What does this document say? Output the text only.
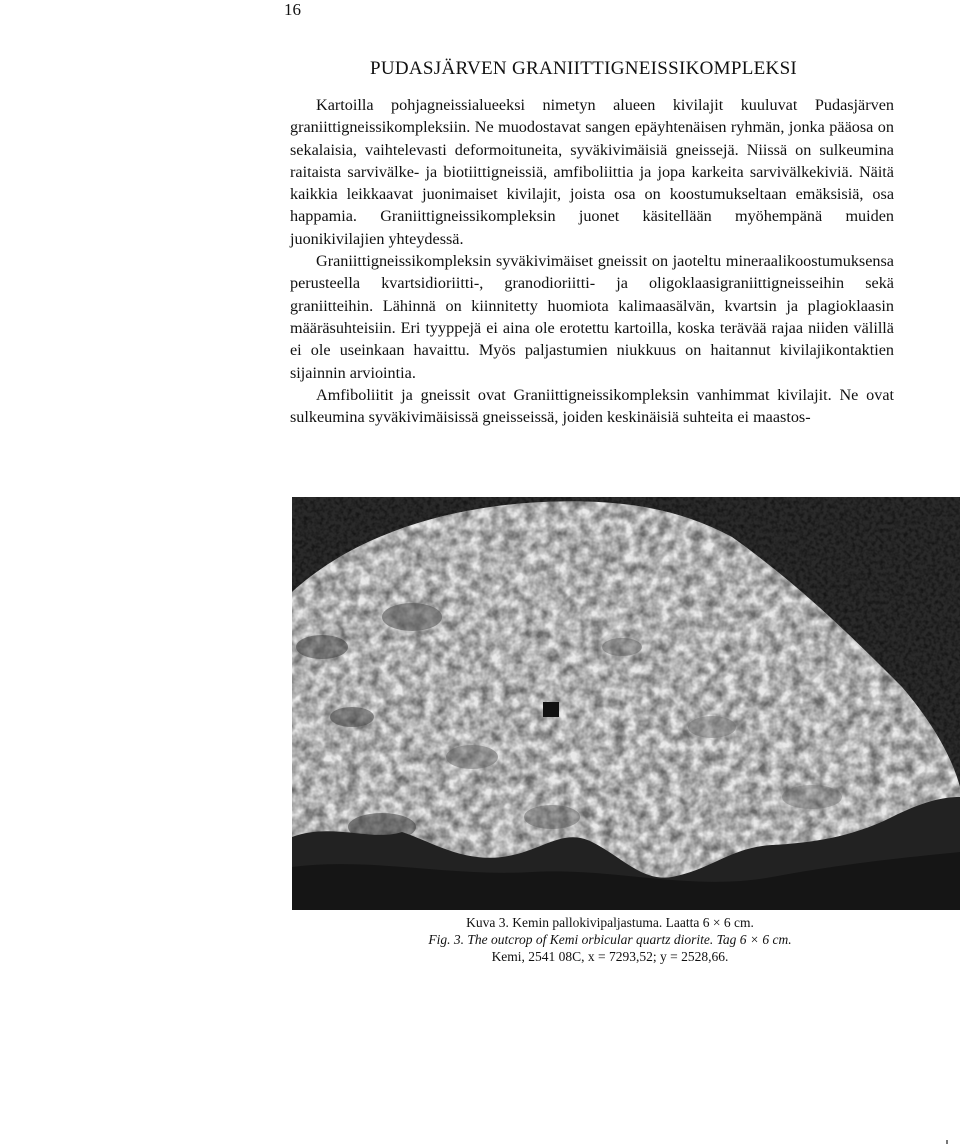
16
PUDASJÄRVEN GRANIITTIGNEISSIKOMPLEKSI

Kartoilla pohjagneissialueeksi nimetyn alueen kivilajit kuuluvat Pudasjärven graniittigneissikompleksiin. Ne muodostavat sangen epäyhtenäisen ryhmän, jonka pääosa on sekalaisia, vaihtelevasti deformoituneita, syväkivimäisiä gneissejä. Niissä on sulkeumina raitaista sarvivälke- ja biotiittigneissiä, amfiboliittia ja jopa karkeita sarvivälkekiviä. Näitä kaikkia leikkaavat juonimaiset kivilajit, joista osa on koostumukseltaan emäksisiä, osa happamia. Graniittigneissikompleksin juonet käsitellään myöhempänä muiden juonikivilajien yhteydessä.

Graniittigneissikompleksin syväkivimäiset gneissit on jaoteltu mineraalikoostumuksensa perusteella kvartsidioriitti-, granodioriitti- ja oligoklaasigraniittigneisseihin sekä graniitteihin. Lähinnä on kiinnitetty huomiota kalimaasälvän, kvartsin ja plagioklaasin määräsuhteisiin. Eri tyyppejä ei aina ole erotettu kartoilla, koska terävää rajaa niiden välillä ei ole useinkaan havaittu. Myös paljastumien niukkuus on haitannut kivilajikontaktien sijainnin arviointia.

Amfiboliitit ja gneissit ovat Graniittigneissikompleksin vanhimmat kivilajit. Ne ovat sulkeumina syväkivimäisissä gneisseissä, joiden keskinäisiä suhteita ei maastos-

Kuva 3. Kemin pallokivipaljastuma. Laatta 6 × 6 cm.
Fig. 3. The outcrop of Kemi orbicular quartz diorite. Tag 6 × 6 cm.
Kemi, 2541 08C, x = 7293,52; y = 2528,66.
